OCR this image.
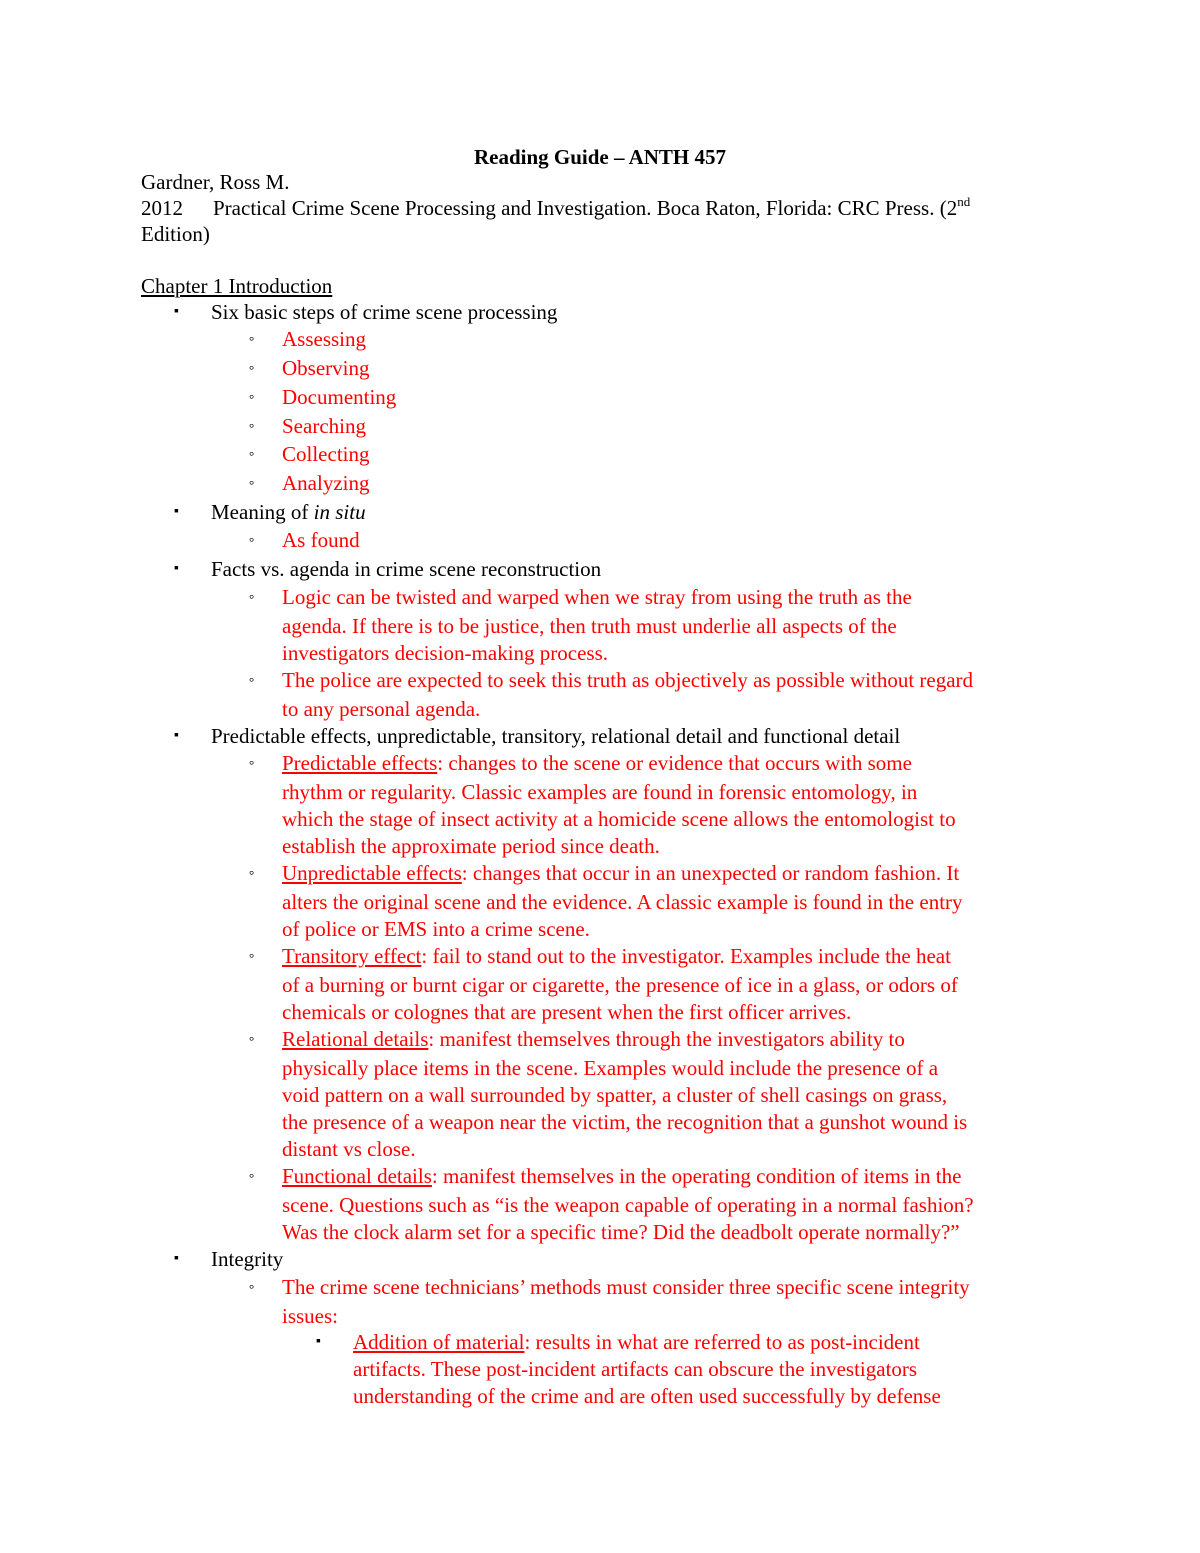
Reading Guide – ANTH 457
Gardner, Ross M.
2012 Practical Crime Scene Processing and Investigation. Boca Raton, Florida: CRC Press. (2nd
Edition)
Chapter 1 Introduction
▪ Six basic steps of crime scene processing
° Assessing
° Observing
° Documenting
° Searching
° Collecting
° Analyzing
▪ Meaning of in situ
° As found
▪ Facts vs. agenda in crime scene reconstruction
° Logic can be twisted and warped when we stray from using the truth as the
agenda. If there is to be justice, then truth must underlie all aspects of the
investigators decision-making process.
° The police are expected to seek this truth as objectively as possible without regard
to any personal agenda.
▪ Predictable effects, unpredictable, transitory, relational detail and functional detail
° Predictable effects: changes to the scene or evidence that occurs with some
rhythm or regularity. Classic examples are found in forensic entomology, in
which the stage of insect activity at a homicide scene allows the entomologist to
establish the approximate period since death.
° Unpredictable effects: changes that occur in an unexpected or random fashion. It
alters the original scene and the evidence. A classic example is found in the entry
of police or EMS into a crime scene.
° Transitory effect: fail to stand out to the investigator. Examples include the heat
of a burning or burnt cigar or cigarette, the presence of ice in a glass, or odors of
chemicals or colognes that are present when the first officer arrives.
° Relational details: manifest themselves through the investigators ability to
physically place items in the scene. Examples would include the presence of a
void pattern on a wall surrounded by spatter, a cluster of shell casings on grass,
the presence of a weapon near the victim, the recognition that a gunshot wound is
distant vs close.
° Functional details: manifest themselves in the operating condition of items in the
scene. Questions such as “is the weapon capable of operating in a normal fashion?
Was the clock alarm set for a specific time? Did the deadbolt operate normally?”
▪ Integrity
° The crime scene technicians’ methods must consider three specific scene integrity
issues:
▪ Addition of material: results in what are referred to as post-incident
artifacts. These post-incident artifacts can obscure the investigators
understanding of the crime and are often used successfully by defense
